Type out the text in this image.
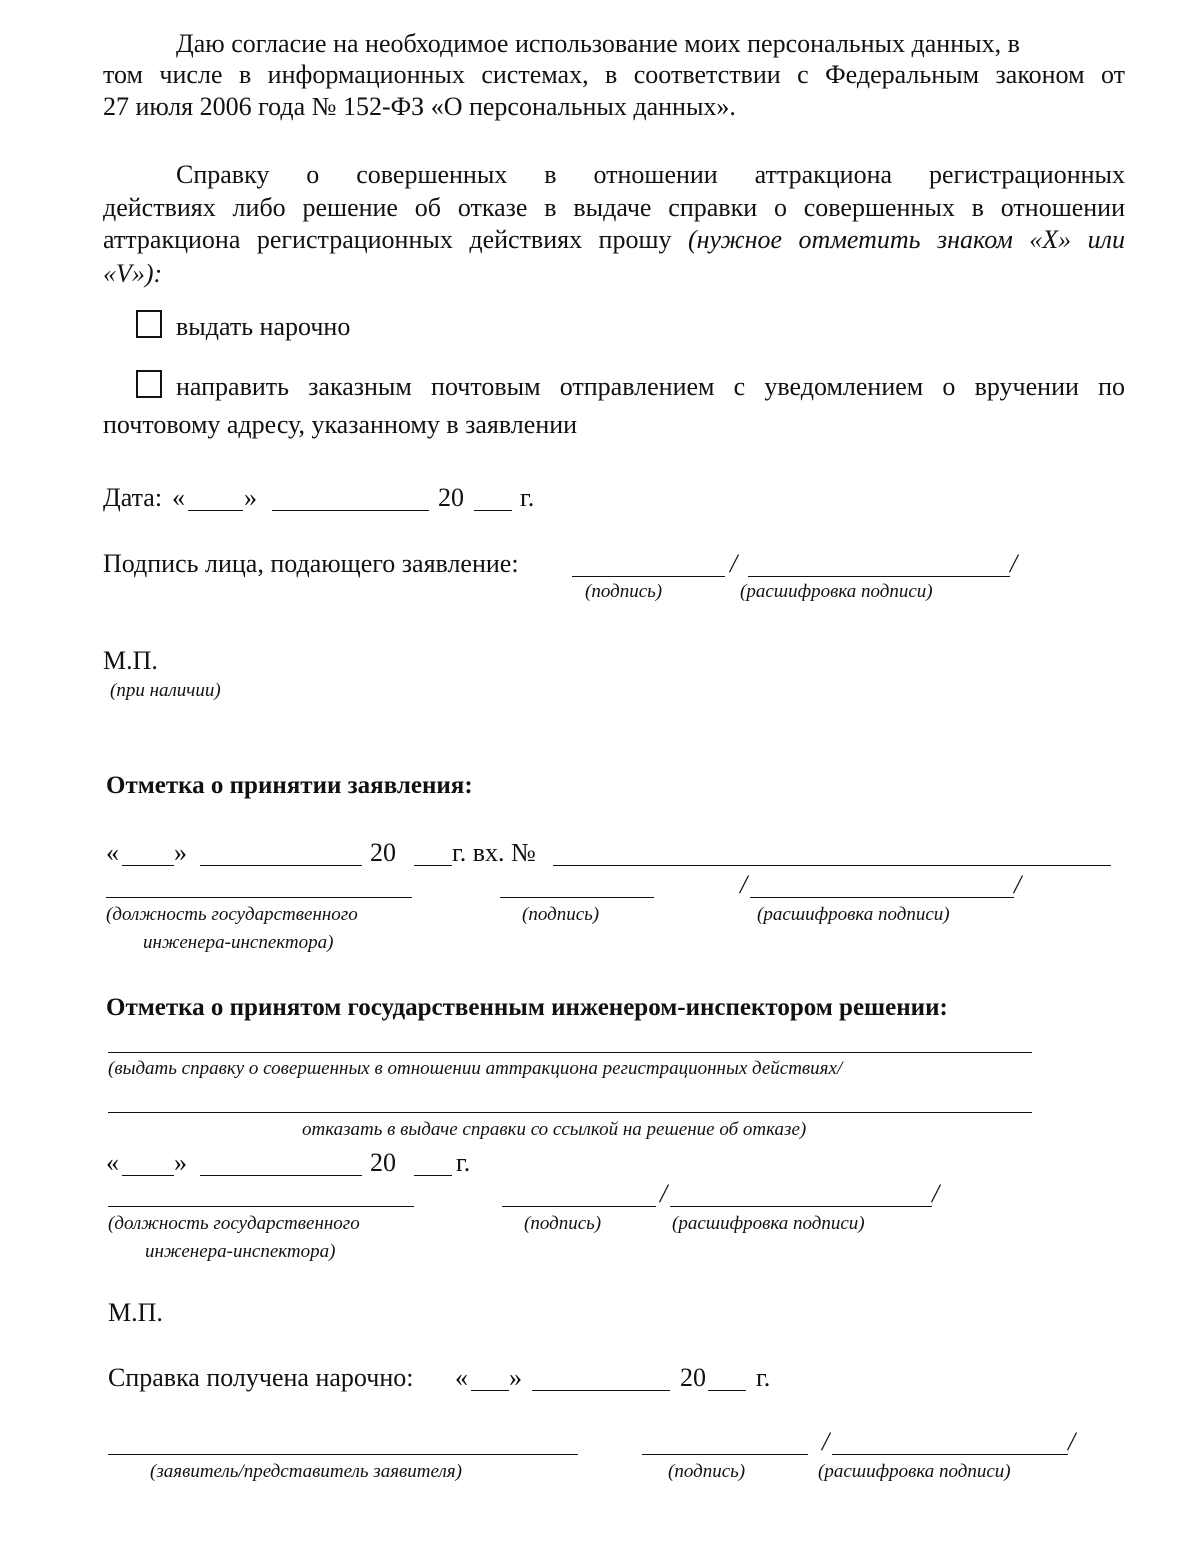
Даю согласие на необходимое использование моих персональных данных, в
том числе в информационных системах, в соответствии с Федеральным законом от
27 июля 2006 года № 152-ФЗ «О персональных данных».
Справку о совершенных в отношении аттракциона регистрационных
действиях либо решение об отказе в выдаче справки о совершенных в отношении
аттракциона регистрационных действиях прошу (нужное отметить знаком «X» или
«V»):
выдать нарочно
направить заказным почтовым отправлением с уведомлением о вручении по
почтовому адресу, указанному в заявлении
Дата: « »	20 г.
Подпись лица, подающего заявление:	/	/
(подпись)	(расшифровка подписи)
М.П.
(при наличии)
Отметка о принятии заявления:
« »	20 г. вх. №
/	/
(должность государственного
инженера-инспектора)
(подпись)	(расшифровка подписи)
Отметка о принятом государственным инженером-инспектором решении:
(выдать справку о совершенных в отношении аттракциона регистрационных действиях/
отказать в выдаче справки со ссылкой на решение об отказе)
« »	20 г.
/	/
(должность государственного
инженера-инспектора)
(подпись)	(расшифровка подписи)
М.П.
Справка получена нарочно: « »	20 г.
/	/
(заявитель/представитель заявителя)	(подпись)	(расшифровка подписи)
